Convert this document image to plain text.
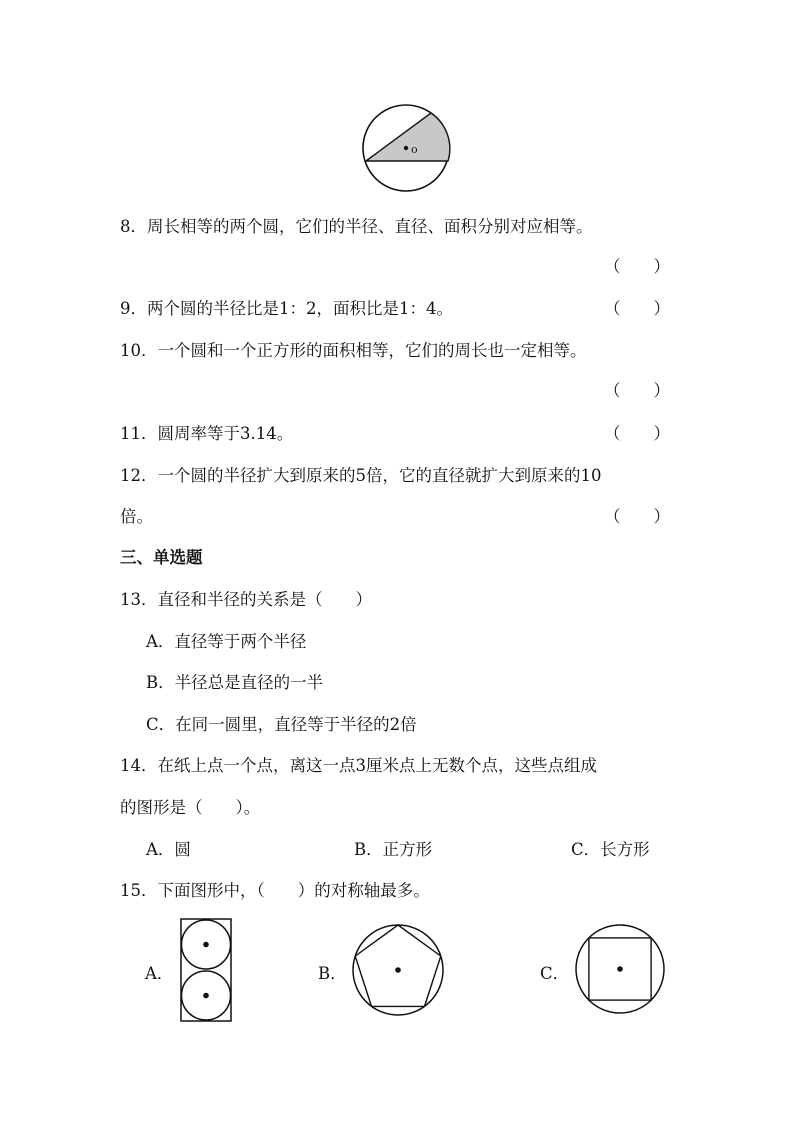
o
8．周长相等的两个圆，它们的半径、直径、面积分别对应相等。
（　　）
9．两个圆的半径比是1：2，面积比是1：4。	（　　）
10．一个圆和一个正方形的面积相等，它们的周长也一定相等。
（　　）
11．圆周率等于3.14。	（　　）
12．一个圆的半径扩大到原来的5倍，它的直径就扩大到原来的10
倍。	（　　）
三、单选题
13．直径和半径的关系是（　　）
A．直径等于两个半径
B．半径总是直径的一半
C．在同一圆里，直径等于半径的2倍
14．在纸上点一个点，离这一点3厘米点上无数个点，这些点组成
的图形是（　　）。
A．圆	B．正方形	C．长方形
15．下面图形中，（　　）的对称轴最多。
A．	B．	C．
